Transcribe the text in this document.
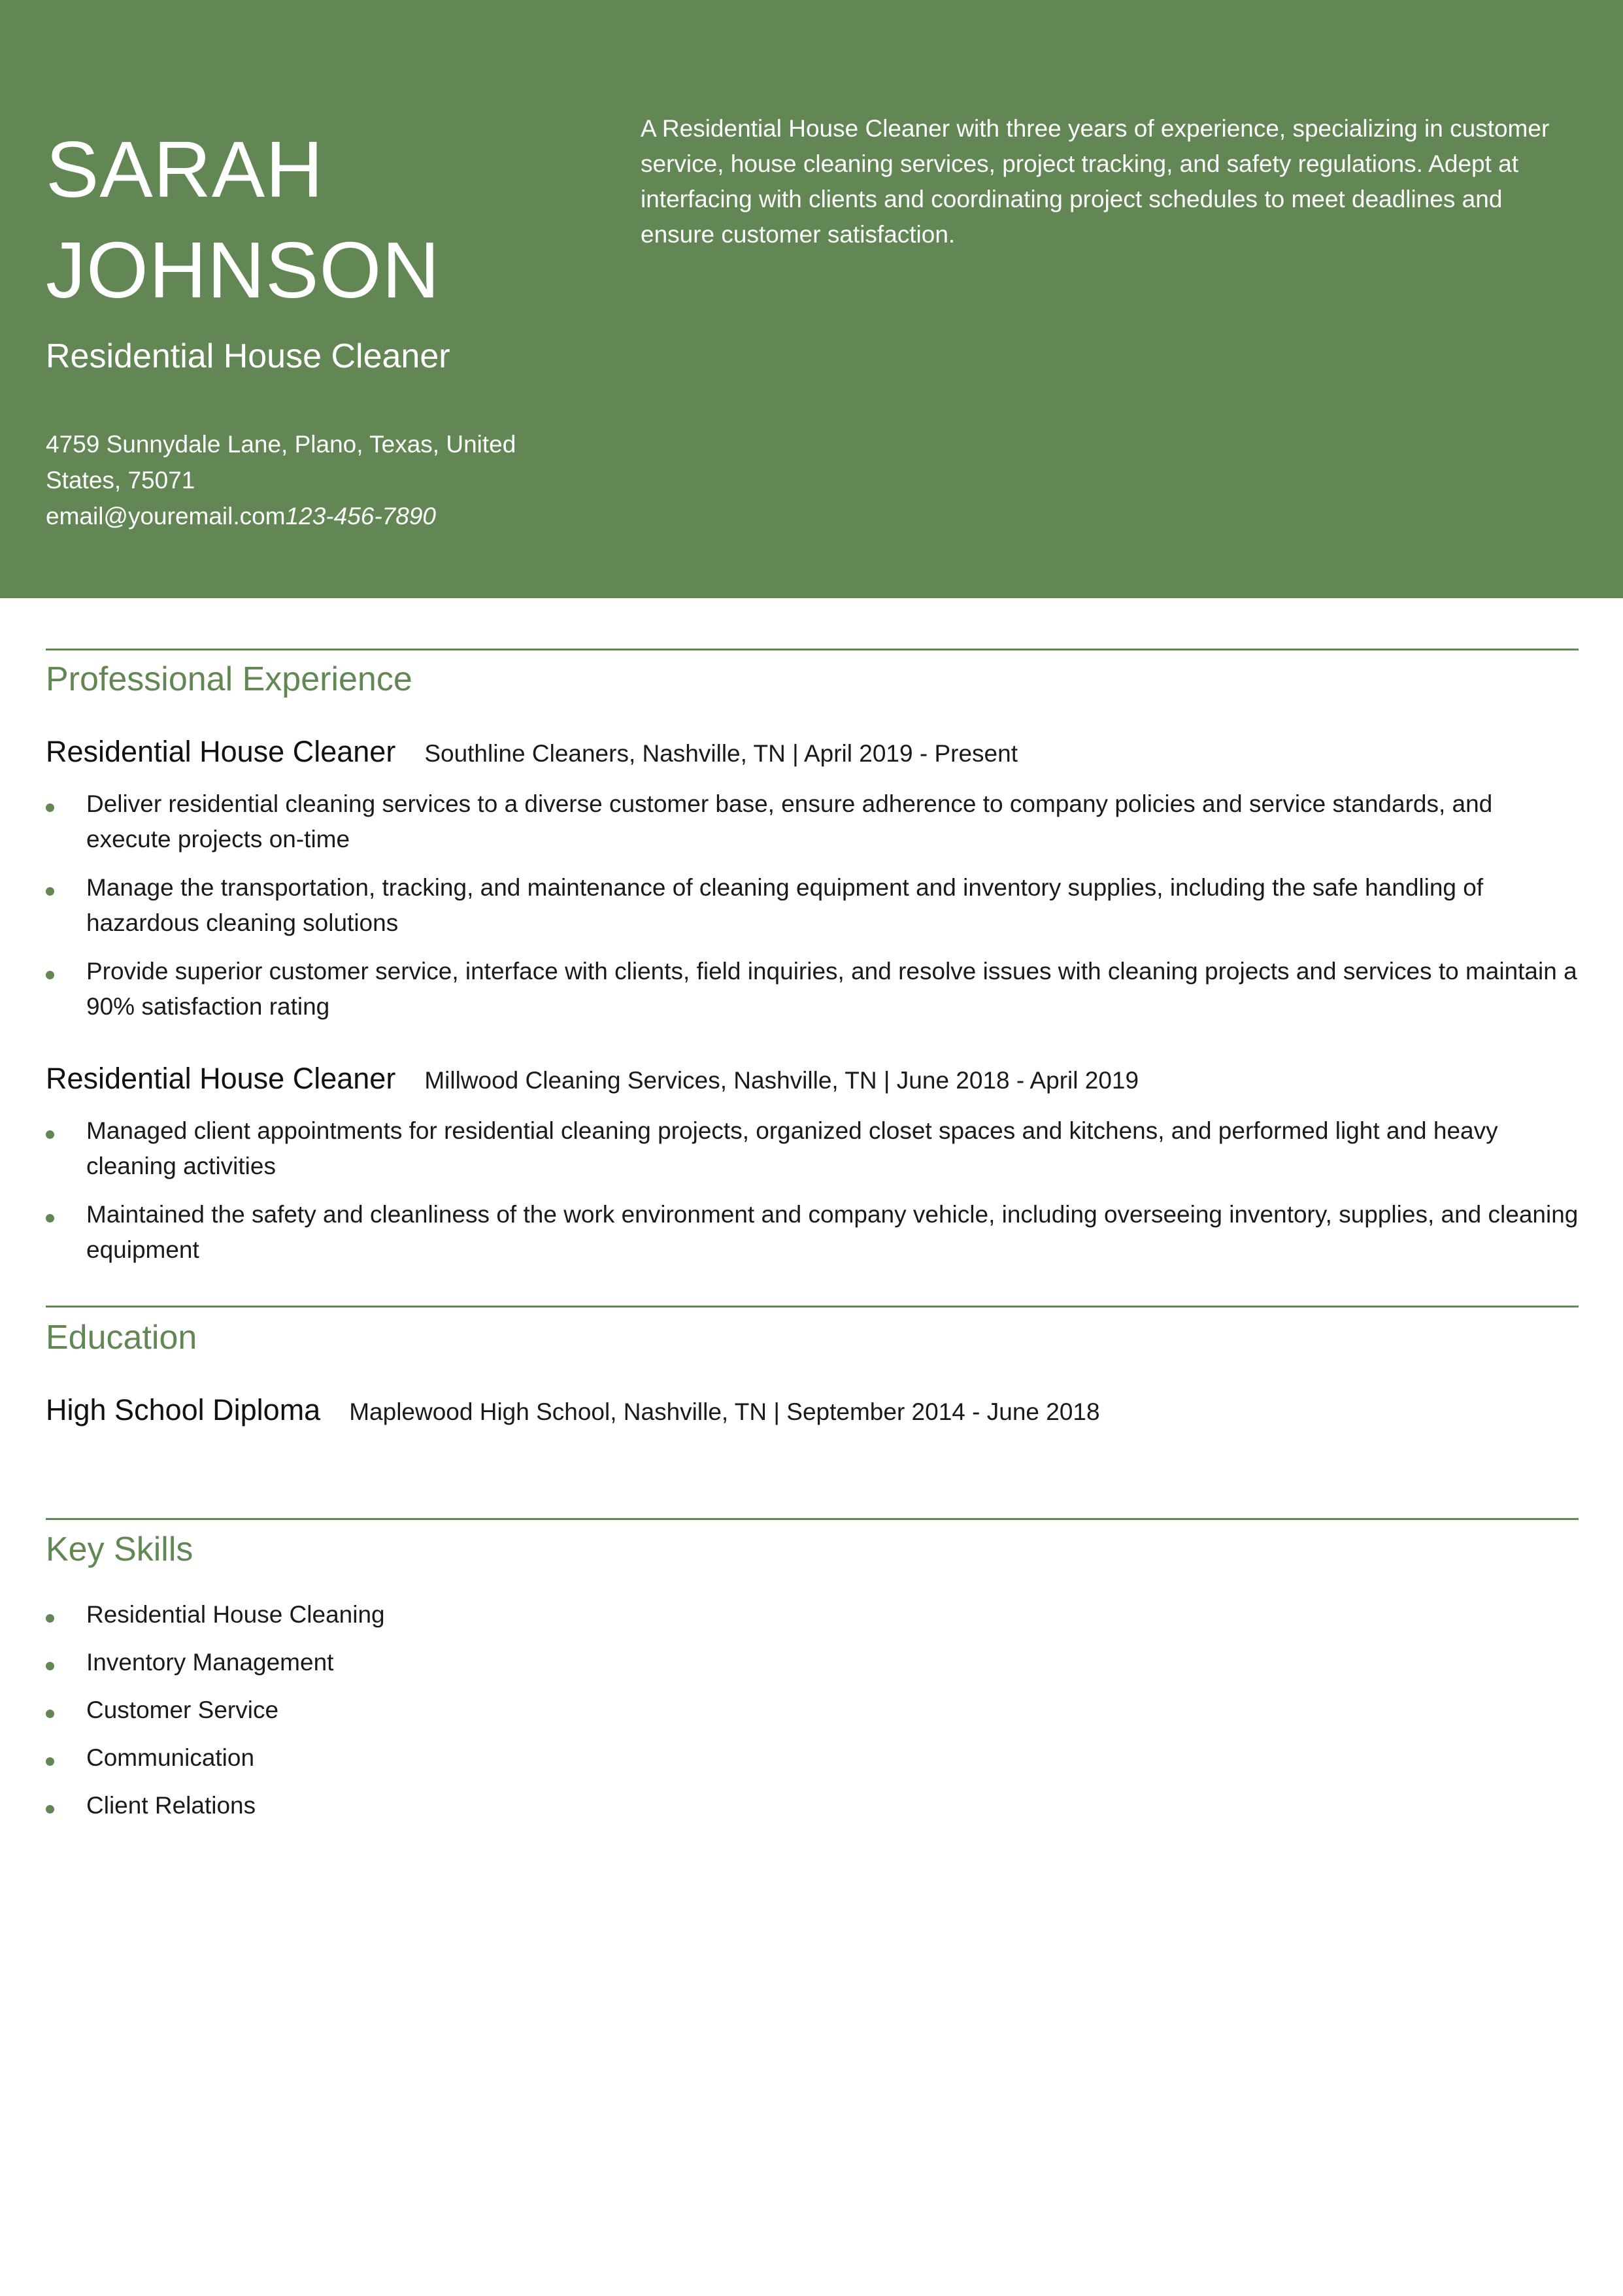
SARAH
JOHNSON
Residential House Cleaner
4759 Sunnydale Lane, Plano, Texas, United States, 75071
email@youremail.com123-456-7890
A Residential House Cleaner with three years of experience, specializing in customer service, house cleaning services, project tracking, and safety regulations. Adept at interfacing with clients and coordinating project schedules to meet deadlines and ensure customer satisfaction.
Professional Experience
Residential House Cleaner Southline Cleaners, Nashville, TN | April 2019 - Present
Deliver residential cleaning services to a diverse customer base, ensure adherence to company policies and service standards, and execute projects on-time
Manage the transportation, tracking, and maintenance of cleaning equipment and inventory supplies, including the safe handling of hazardous cleaning solutions
Provide superior customer service, interface with clients, field inquiries, and resolve issues with cleaning projects and services to maintain a 90% satisfaction rating
Residential House Cleaner Millwood Cleaning Services, Nashville, TN | June 2018 - April 2019
Managed client appointments for residential cleaning projects, organized closet spaces and kitchens, and performed light and heavy cleaning activities
Maintained the safety and cleanliness of the work environment and company vehicle, including overseeing inventory, supplies, and cleaning equipment
Education
High School Diploma Maplewood High School, Nashville, TN | September 2014 - June 2018
Key Skills
Residential House Cleaning
Inventory Management
Customer Service
Communication
Client Relations
